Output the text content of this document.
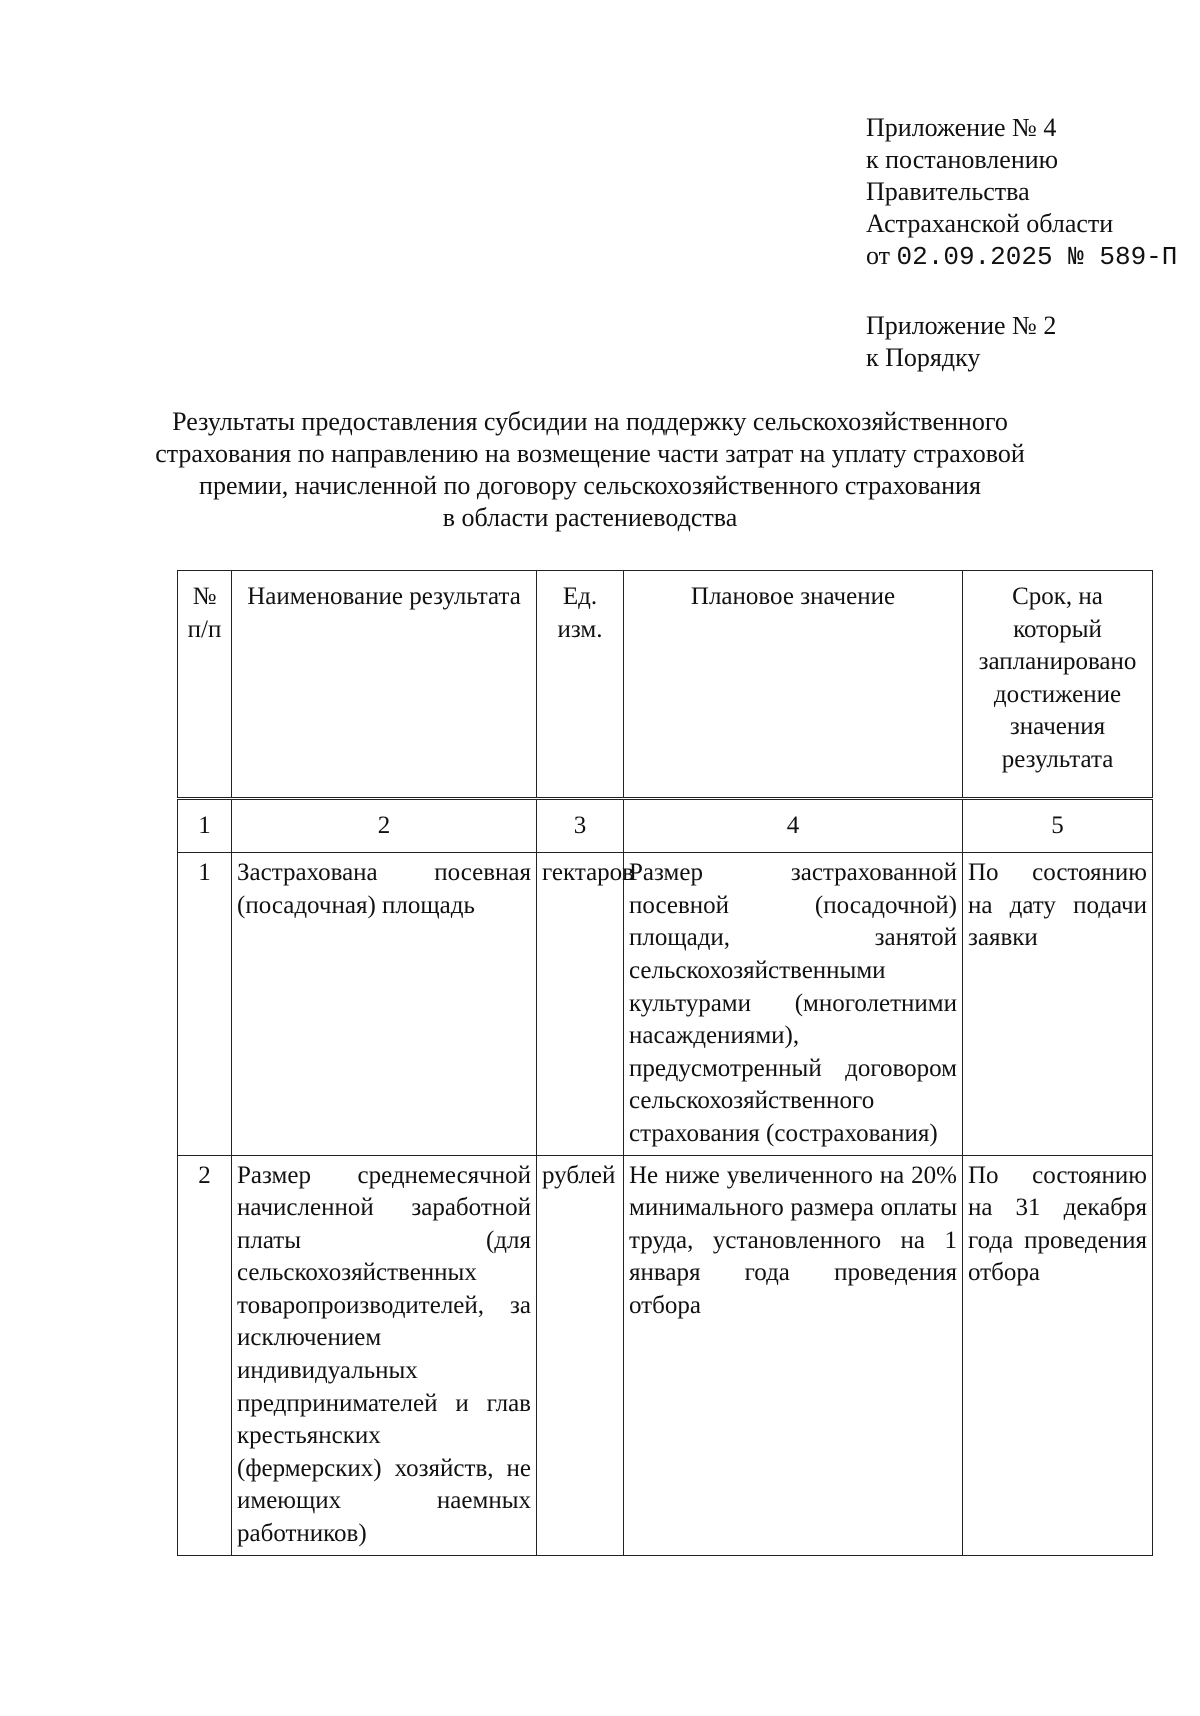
Приложение № 4
к постановлению
Правительства
Астраханской области
от 02.09.2025 № 589-П
Приложение № 2
к Порядку
Результаты предоставления субсидии на поддержку сельскохозяйственного
страхования по направлению на возмещение части затрат на уплату страховой
премии, начисленной по договору сельскохозяйственного страхования
в области растениеводства
№ п/п	Наименование результата	Ед. изм.	Плановое значение	Срок, на который запланировано достижение значения результата
1	2	3	4	5
1	Застрахована посевная (посадочная) площадь	гектаров	Размер застрахованной посевной (посадочной) площади, занятой сельскохозяйственными культурами (многолетними насаждениями), предусмотренный договором сельскохозяйственного страхования (сострахования)	По состоянию на дату подачи заявки
2	Размер среднемесячной начисленной заработной платы (для сельскохозяйственных товаропроизводителей, за исключением индивидуальных предпринимателей и глав крестьянских (фермерских) хозяйств, не имеющих наемных работников)	рублей	Не ниже увеличенного на 20% минимального размера оплаты труда, установленного на 1 января года проведения отбора	По состоянию на 31 декабря года проведения отбора
